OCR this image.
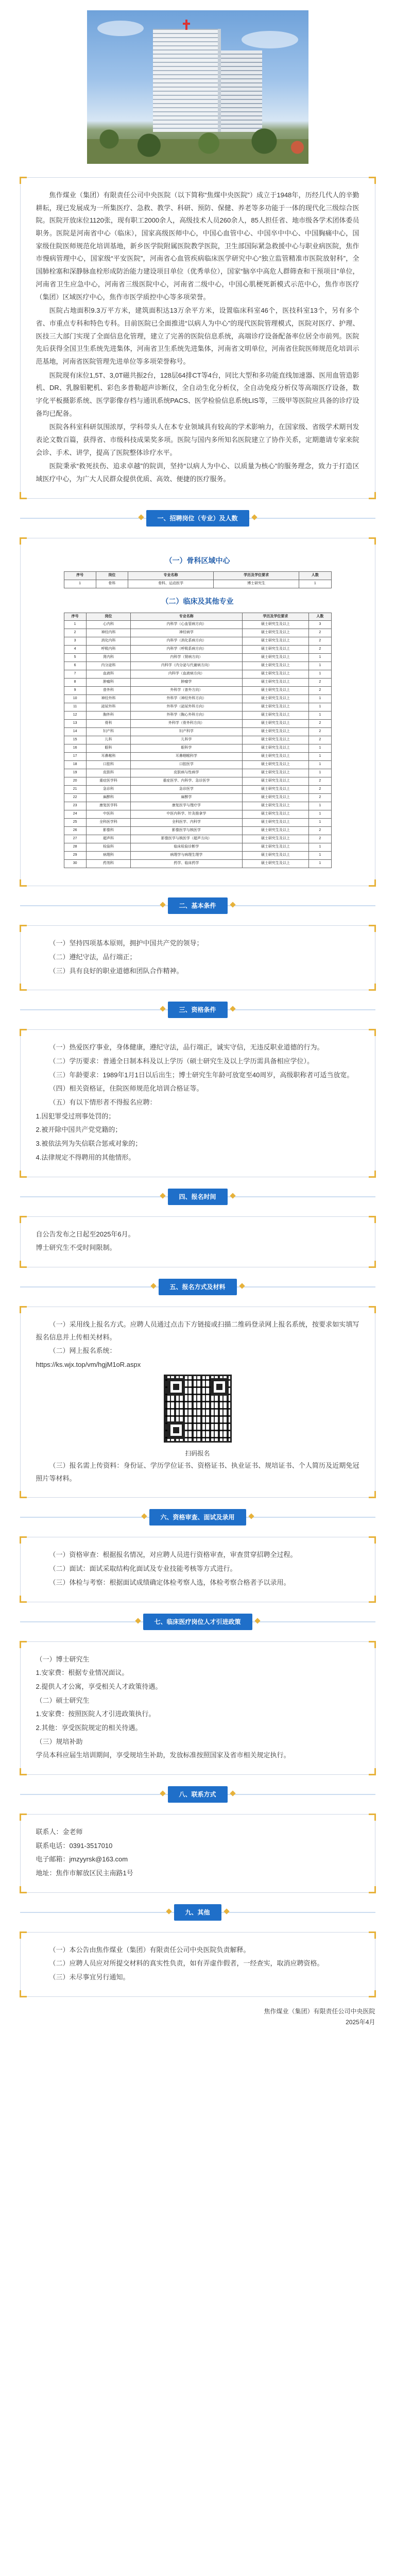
焦作煤业（集团）有限责任公司中央医院（以下简称“焦煤中央医院”）成立于1948年，历经几代人的辛勤耕耘，现已发展成为一所集医疗、急救、教学、科研、预防、保健、养老等多功能于一体的现代化三级综合医院。医院开放床位1120张，现有职工2000余人，高级技术人员260余人，85人担任省、地市级各学术团体委员职务。医院是河南省中心（临床），国家高级医师中心，中国心血管中心、中国卒中中心、中国胸痛中心，国家级住院医师规范化培训基地，新乡医学院附属医院教学医院，卫生部国际紧急救援中心与职业病医院，焦作市慢病管理中心，国家级“平安医院”，河南省心血管疾病临床医学研究中心“独立监管精准市医院放射科”，全国肺栓塞和深静脉血栓形成防治能力建设项目单位（优秀单位），国家“脑卒中高危人群筛查和干预项目”单位，河南省卫生应急中心，河南省三级医院中心，河南省二级中心，中国心肌梗死新模式示范中心，焦作市医疗（集团）区域医疗中心，焦作市医学质控中心等多项荣誉。

医院占地面积9.3万平方米，建筑面积达13万余平方米，设置临床科室46个，医技科室13个，另有多个省、市重点专科和特色专科。目前医院已全面推进“以病人为中心”的现代医院管理模式，医院对医疗、护理、医技三大部门实现了全面信息化管理，建立了完善的医院信息系统，高端诊疗设备配备率位居全市前列。医院先后获得全国卫生系统先进集体，河南省卫生系统先进集体，河南省文明单位，河南省住院医师规范化培训示范基地，河南省医院管理先进单位等多项荣誉称号。

医院现有床位1,5T、3,0T磁共振2台，128层64排CT等4台，同比大型和多功能直线加速器、医用血管造影机、DR、乳腺钼靶机、彩色多普勒超声诊断仪，全自动生化分析仪，全自动免疫分析仪等高端医疗设备，数字化平板摄影系统、医学影像存档与通讯系统PACS、医学检验信息系统LIS等，三级甲等医院应具备的诊疗设备均已配备。

医院各科室科研氛围浓厚，学科带头人在本专业领域具有较高的学术影响力，在国家级、省级学术期刊发表论文数百篇，获得省、市级科技成果奖多项。医院与国内多所知名医院建立了协作关系，定期邀请专家来院会诊、手术、讲学，提高了医院整体诊疗水平。

医院秉承“救死扶伤、追求卓越”的院训，坚持“以病人为中心、以质量为核心”的服务理念，致力于打造区域医疗中心，为广大人民群众提供优质、高效、便捷的医疗服务。

一、招聘岗位（专业）及人数
（一）骨科区域中心
序号	岗位	专业名称	学历及学位要求	人数
1	骨科	骨科、运动医学	博士研究生	1
（二）临床及其他专业
序号	岗位	专业名称	学历及学位要求	人数
1	心内科	内科学（心血管病方向）	硕士研究生及以上	3
2	神经内科	神经病学	硕士研究生及以上	2
3	消化内科	内科学（消化系病方向）	硕士研究生及以上	2
4	呼吸内科	内科学（呼吸系病方向）	硕士研究生及以上	2
5	肾内科	内科学（肾病方向）	硕士研究生及以上	1
6	内分泌科	内科学（内分泌与代谢病方向）	硕士研究生及以上	1
7	血液科	内科学（血液病方向）	硕士研究生及以上	1
8	肿瘤科	肿瘤学	硕士研究生及以上	2
9	普外科	外科学（普外方向）	硕士研究生及以上	2
10	神经外科	外科学（神经外科方向）	硕士研究生及以上	1
11	泌尿外科	外科学（泌尿外科方向）	硕士研究生及以上	1
12	胸外科	外科学（胸心外科方向）	硕士研究生及以上	1
13	骨科	外科学（骨外科方向）	硕士研究生及以上	2
14	妇产科	妇产科学	硕士研究生及以上	2
15	儿科	儿科学	硕士研究生及以上	2
16	眼科	眼科学	硕士研究生及以上	1
17	耳鼻喉科	耳鼻咽喉科学	硕士研究生及以上	1
18	口腔科	口腔医学	硕士研究生及以上	1
19	皮肤科	皮肤病与性病学	硕士研究生及以上	1
20	重症医学科	重症医学、内科学、急诊医学	硕士研究生及以上	2
21	急诊科	急诊医学	硕士研究生及以上	2
22	麻醉科	麻醉学	硕士研究生及以上	2
23	康复医学科	康复医学与理疗学	硕士研究生及以上	1
24	中医科	中医内科学、针灸推拿学	硕士研究生及以上	1
25	全科医学科	全科医学、内科学	硕士研究生及以上	1
26	影像科	影像医学与核医学	硕士研究生及以上	2
27	超声科	影像医学与核医学（超声方向）	硕士研究生及以上	2
28	检验科	临床检验诊断学	硕士研究生及以上	1
29	病理科	病理学与病理生理学	硕士研究生及以上	1
30	药剂科	药学、临床药学	硕士研究生及以上	1
二、基本条件

（一）坚持四项基本原则，拥护中国共产党的领导；

（二）遵纪守法，品行端正；

（三）具有良好的职业道德和团队合作精神。

三、资格条件

（一）热爱医疗事业，身体健康，遵纪守法，品行端正，诚实守信，无违反职业道德的行为。

（二）学历要求：普通全日制本科及以上学历（硕士研究生及以上学历需具备相应学位）。

（三）年龄要求：1989年1月1日以后出生；博士研究生年龄可放宽至40周岁，高级职称者可适当放宽。

（四）相关资格证，住院医师规范化培训合格证等。

（五）有以下情形者不得报名应聘：

1.因犯罪受过刑事处罚的；

2.被开除中国共产党党籍的；

3.被依法列为失信联合惩戒对象的；

4.法律规定不得聘用的其他情形。

四、报名时间

自公告发布之日起至2025年6月。

博士研究生不受时间限制。

五、报名方式及材料

（一）采用线上报名方式。应聘人员通过点击下方链接或扫描二维码登录网上报名系统，按要求如实填写报名信息并上传相关材料。

（二）网上报名系统：

https://ks.wjx.top/vm/hgjM1oR.aspx

扫码报名

（三）报名需上传资料：身份证、学历学位证书、资格证书、执业证书、规培证书、个人简历及近期免冠照片等材料。

六、资格审查、面试及录用

（一）资格审查：根据报名情况，对应聘人员进行资格审查，审查贯穿招聘全过程。

（二）面试：面试采取结构化面试及专业技能考核等方式进行。

（三）体检与考察：根据面试成绩确定体检考察人选，体检考察合格者予以录用。

七、临床医疗岗位人才引进政策

（一）博士研究生

1.安家费：根据专业情况面议。

2.提供人才公寓，享受相关人才政策待遇。

（二）硕士研究生

1.安家费：按照医院人才引进政策执行。

2.其他：享受医院规定的相关待遇。

（三）规培补助

学员本科应届生培训期间，享受规培生补助，发放标准按照国家及省市相关规定执行。

八、联系方式

联系人：金老师

联系电话：0391-3517010

电子邮箱：jmzyyrsk@163.com

地址：焦作市解放区民主南路1号

九、其他

（一）本公告由焦作煤业（集团）有限责任公司中央医院负责解释。

（二）应聘人员应对所提交材料的真实性负责，如有弄虚作假者，一经查实，取消应聘资格。

（三）未尽事宜另行通知。

焦作煤业（集团）有限责任公司中央医院
2025年4月
